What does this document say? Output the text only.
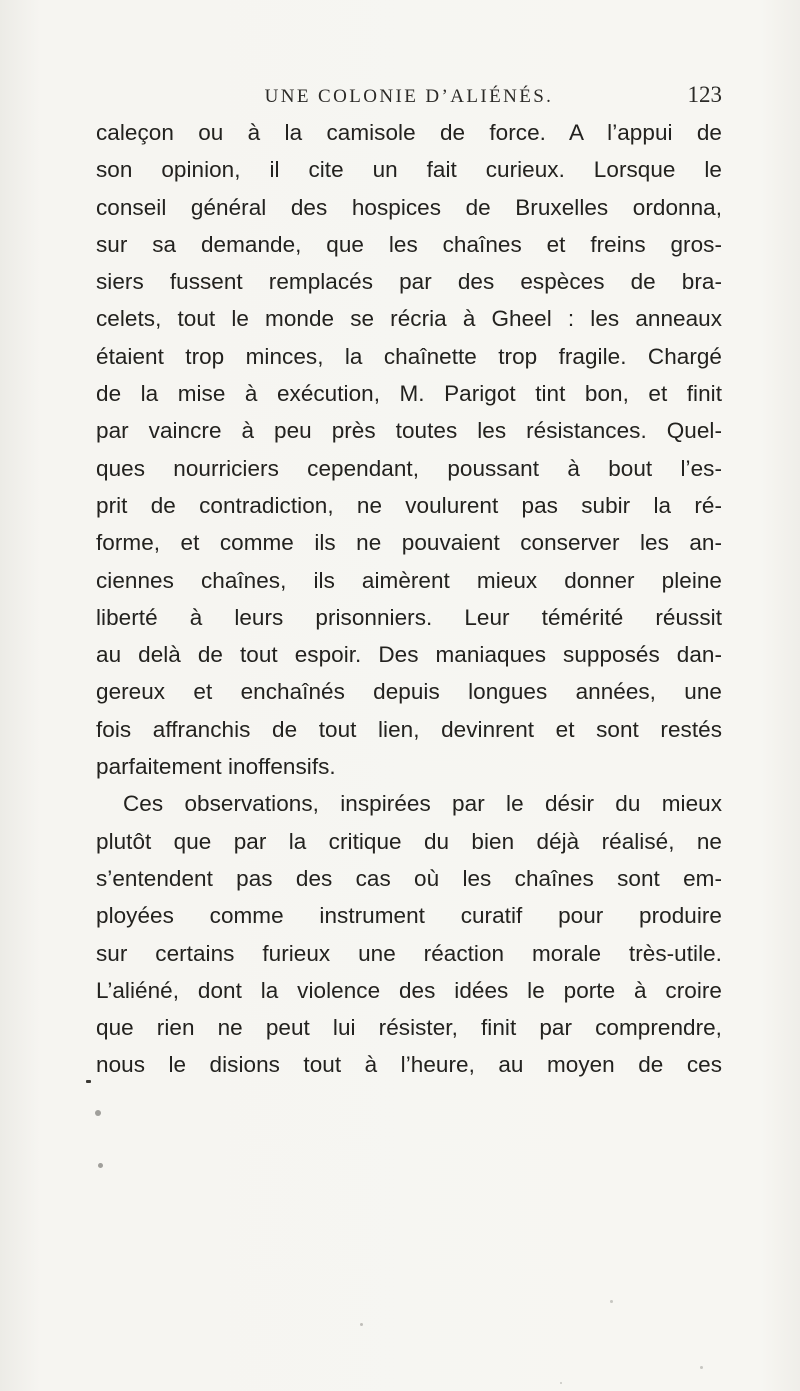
UNE COLONIE D’ALIÉNÉS.	123
caleçon ou à la camisole de force. A l’appui de
son opinion, il cite un fait curieux. Lorsque le
conseil général des hospices de Bruxelles ordonna,
sur sa demande, que les chaînes et freins gros-
siers fussent remplacés par des espèces de bra-
celets, tout le monde se récria à Gheel : les anneaux
étaient trop minces, la chaînette trop fragile. Chargé
de la mise à exécution, M. Parigot tint bon, et finit
par vaincre à peu près toutes les résistances. Quel-
ques nourriciers cependant, poussant à bout l’es-
prit de contradiction, ne voulurent pas subir la ré-
forme, et comme ils ne pouvaient conserver les an-
ciennes chaînes, ils aimèrent mieux donner pleine
liberté à leurs prisonniers. Leur témérité réussit
au delà de tout espoir. Des maniaques supposés dan-
gereux et enchaînés depuis longues années, une
fois affranchis de tout lien, devinrent et sont restés
parfaitement inoffensifs.
Ces observations, inspirées par le désir du mieux
plutôt que par la critique du bien déjà réalisé, ne
s’entendent pas des cas où les chaînes sont em-
ployées comme instrument curatif pour produire
sur certains furieux une réaction morale très-utile.
L’aliéné, dont la violence des idées le porte à croire
que rien ne peut lui résister, finit par comprendre,
nous le disions tout à l’heure, au moyen de ces
